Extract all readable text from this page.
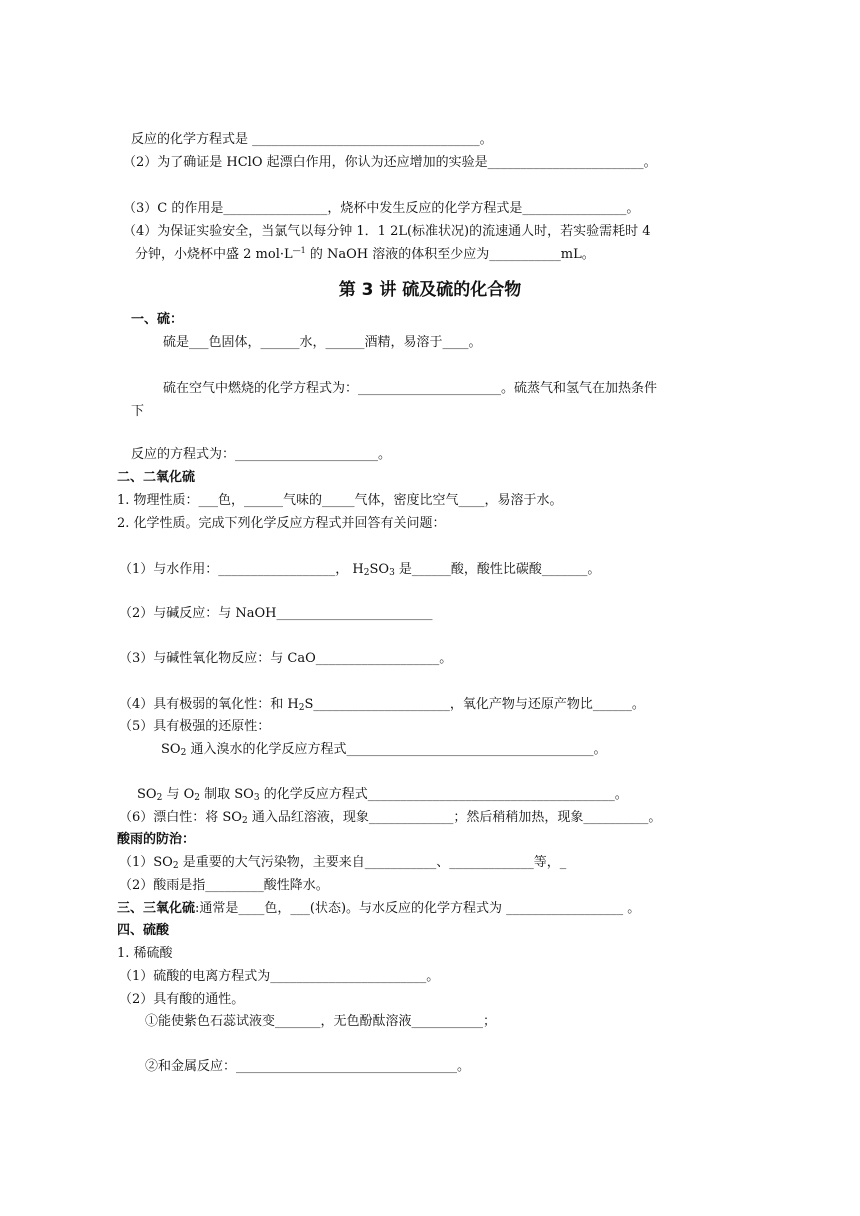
反应的化学方程式是 ___________________________________。
（2）为了确证是 HClO 起漂白作用，你认为还应增加的实验是________________________。
（3）C 的作用是________________，烧杯中发生反应的化学方程式是________________。
（4）为保证实验安全，当氯气以每分钟 1．1 2L(标准状况)的流速通人时，若实验需耗时 4
分钟，小烧杯中盛 2 $mol\cdot L^{—1}$ 的 NaOH 溶液的体积至少应为___________mL。
第 3 讲 硫及硫的化合物
一、硫：
硫是___色固体，______水，______酒精，易溶于____。
硫在空气中燃烧的化学方程式为：______________________。硫蒸气和氢气在加热条件
下
反应的方程式为：______________________。
二、二氧化硫
1. 物理性质：___色，______气味的_____气体，密度比空气____，易溶于水。
2. 化学性质。完成下列化学反应方程式并回答有关问题：
（1）与水作用：__________________， $H_2SO_3$ 是______酸，酸性比碳酸_______。
（2）与碱反应：与 NaOH________________________
（3）与碱性氧化物反应：与 CaO___________________。
（4）具有极弱的氧化性：和 $H_2S\_\_\_\_\_\_\_\_\_\_\_\_\_\_\_\_\_\_\_\_\_$，氧化产物与还原产物比______。
（5）具有极强的还原性：
$SO_2$ 通入溴水的化学反应方程式______________________________________。
$SO_2$ 与 $O_2$ 制取 $SO_3$ 的化学反应方程式______________________________________。
（6）漂白性：将 $SO_2$ 通入品红溶液，现象_____________；然后稍稍加热，现象__________。
酸雨的防治：
$(1)SO_2$ 是重要的大气污染物，主要来自___________、_____________等，_
（2）酸雨是指_________酸性降水。
三、三氧化硫:通常是____色，___(状态)。与水反应的化学方程式为 __________________ 。
四、硫酸
1. 稀硫酸
（1）硫酸的电离方程式为________________________。
（2）具有酸的通性。
①能使紫色石蕊试液变_______，无色酚酞溶液___________；
②和金属反应：__________________________________。
